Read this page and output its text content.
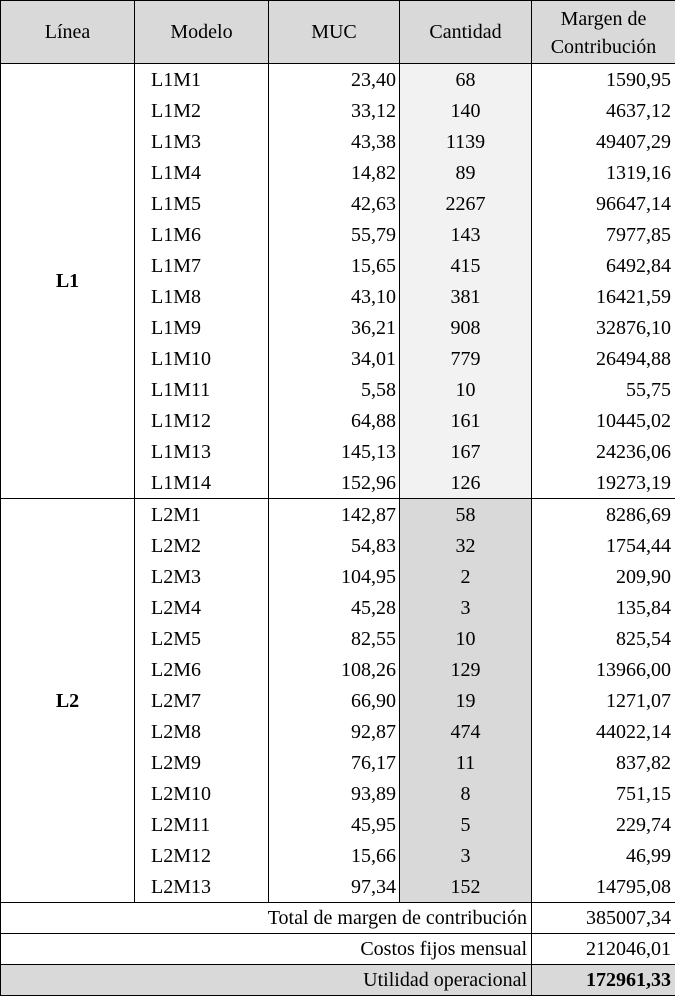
Línea	Modelo	MUC	Cantidad	Margen de
Contribución
L1	L1M1	23,40	68	1590,95
	L1M2	33,12	140	4637,12
	L1M3	43,38	1139	49407,29
	L1M4	14,82	89	1319,16
	L1M5	42,63	2267	96647,14
	L1M6	55,79	143	7977,85
	L1M7	15,65	415	6492,84
	L1M8	43,10	381	16421,59
	L1M9	36,21	908	32876,10
	L1M10	34,01	779	26494,88
	L1M11	5,58	10	55,75
	L1M12	64,88	161	10445,02
	L1M13	145,13	167	24236,06
	L1M14	152,96	126	19273,19
L2	L2M1	142,87	58	8286,69
	L2M2	54,83	32	1754,44
	L2M3	104,95	2	209,90
	L2M4	45,28	3	135,84
	L2M5	82,55	10	825,54
	L2M6	108,26	129	13966,00
	L2M7	66,90	19	1271,07
	L2M8	92,87	474	44022,14
	L2M9	76,17	11	837,82
	L2M10	93,89	8	751,15
	L2M11	45,95	5	229,74
	L2M12	15,66	3	46,99
	L2M13	97,34	152	14795,08
Total de margen de contribución				385007,34
Costos fijos mensual				212046,01
Utilidad operacional				172961,33
